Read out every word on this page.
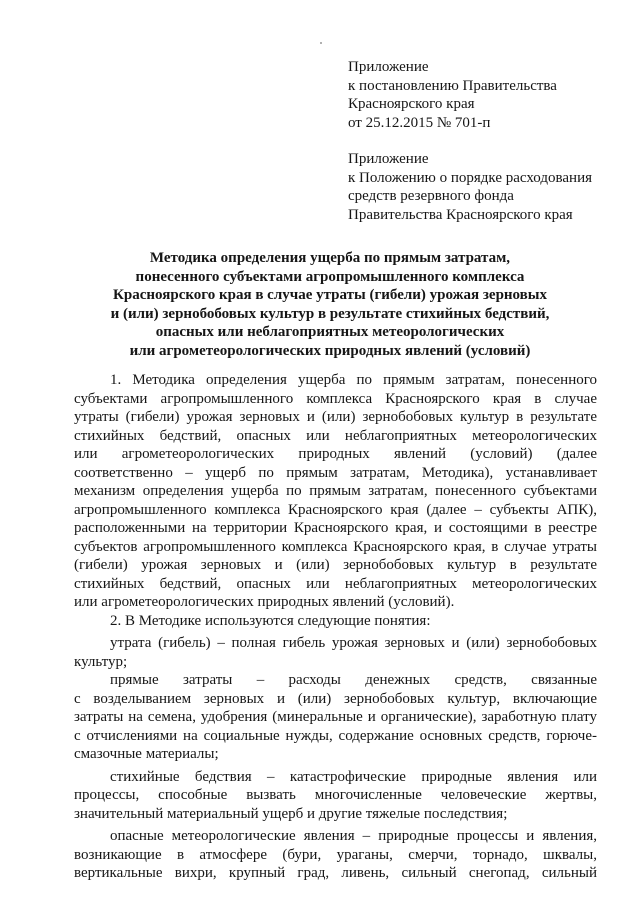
Приложение
к постановлению Правительства
Красноярского края
от 25.12.2015 № 701-п
Приложение
к Положению о порядке расходования
средств резервного фонда
Правительства Красноярского края
Методика определения ущерба по прямым затратам,
понесенного субъектами агропромышленного комплекса
Красноярского края в случае утраты (гибели) урожая зерновых
и (или) зернобобовых культур в результате стихийных бедствий,
опасных или неблагоприятных метеорологических
или агрометеорологических природных явлений (условий)
1. Методика определения ущерба по прямым затратам, понесенного
субъектами агропромышленного комплекса Красноярского края в случае
утраты (гибели) урожая зерновых и (или) зернобобовых культур в результате
стихийных бедствий, опасных или неблагоприятных метеорологических
или агрометеорологических природных явлений (условий) (далее
соответственно – ущерб по прямым затратам, Методика), устанавливает
механизм определения ущерба по прямым затратам, понесенного субъектами
агропромышленного комплекса Красноярского края (далее – субъекты АПК),
расположенными на территории Красноярского края, и состоящими в реестре
субъектов агропромышленного комплекса Красноярского края, в случае утраты
(гибели) урожая зерновых и (или) зернобобовых культур в результате
стихийных бедствий, опасных или неблагоприятных метеорологических
или агрометеорологических природных явлений (условий).
2. В Методике используются следующие понятия:
утрата (гибель) – полная гибель урожая зерновых и (или) зернобобовых
культур;
прямые затраты – расходы денежных средств, связанные
с возделыванием зерновых и (или) зернобобовых культур, включающие
затраты на семена, удобрения (минеральные и органические), заработную плату
с отчислениями на социальные нужды, содержание основных средств, горюче-
смазочные материалы;
стихийные бедствия – катастрофические природные явления или
процессы, способные вызвать многочисленные человеческие жертвы,
значительный материальный ущерб и другие тяжелые последствия;
опасные метеорологические явления – природные процессы и явления,
возникающие в атмосфере (бури, ураганы, смерчи, торнадо, шквалы,
вертикальные вихри, крупный град, ливень, сильный снегопад, сильный
